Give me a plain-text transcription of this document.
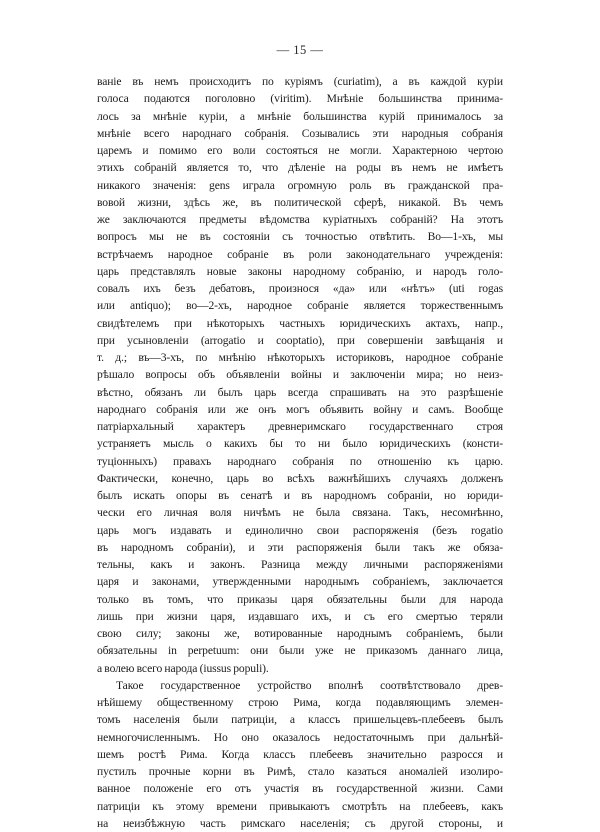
— 15 —
ваніе въ немъ происходитъ по куріямъ (curiatim), а въ каждой куріи
голоса подаются поголовно (viritim). Мнѣніе большинства принима-
лось за мнѣніе куріи, а мнѣніе большинства курій принималось за
мнѣніе всего народнаго собранія. Созывались эти народныя собранія
царемъ и помимо его воли состояться не могли. Характерною чертою
этихъ собраній является то, что дѣленіе на роды въ немъ не имѣетъ
никакого значенія: gens играла огромную роль въ гражданской пра-
вовой жизни, здѣсь же, въ политической сферѣ, никакой. Въ чемъ
же заключаются предметы вѣдомства куріатныхъ собраній? На этотъ
вопросъ мы не въ состояніи съ точностью отвѣтить. Во—1-хъ, мы
встрѣчаемъ народное собраніе въ роли законодательнаго учрежденія:
царь представлялъ новые законы народному собранію, и народъ голо-
совалъ ихъ безъ дебатовъ, произнося «да» или «нѣтъ» (uti rogas
или antiquo); во—2-хъ, народное собраніе является торжественнымъ
свидѣтелемъ при нѣкоторыхъ частныхъ юридическихъ актахъ, напр.,
при усыновленіи (arrogatio и cooptatio), при совершеніи завѣщанія и
т. д.; въ—3-хъ, по мнѣнію нѣкоторыхъ историковъ, народное собраніе
рѣшало вопросы объ объявленіи войны и заключеніи мира; но неиз-
вѣстно, обязанъ ли былъ царь всегда спрашивать на это разрѣшеніе
народнаго собранія или же онъ могъ объявить войну и самъ. Вообще
патріархальный характеръ древнеримскаго государственнаго строя
устраняетъ мысль о какихъ бы то ни было юридическихъ (консти-
туціонныхъ) правахъ народнаго собранія по отношенію къ царю.
Фактически, конечно, царь во всѣхъ важнѣйшихъ случаяхъ долженъ
былъ искать опоры въ сенатѣ и въ народномъ собраніи, но юриди-
чески его личная воля ничѣмъ не была связана. Такъ, несомнѣнно,
царь могъ издавать и единолично свои распоряженія (безъ rogatio
въ народномъ собраніи), и эти распоряженія были такъ же обяза-
тельны, какъ и законъ. Разница между личными распоряженіями
царя и законами, утвержденными народнымъ собраніемъ, заключается
только въ томъ, что приказы царя обязательны были для народа
лишь при жизни царя, издавшаго ихъ, и съ его смертью теряли
свою силу; законы же, вотированные народнымъ собраніемъ, были
обязательны in perpetuum: они были уже не приказомъ даннаго лица,
а волею всего народа (iussus populi).
Такое государственное устройство вполнѣ соотвѣтствовало древ-
нѣйшему общественному строю Рима, когда подавляющимъ элемен-
томъ населенія были патриціи, а классъ пришельцевъ-плебеевъ былъ
немногочисленнымъ. Но оно оказалось недостаточнымъ при дальнѣй-
шемъ ростѣ Рима. Когда классъ плебеевъ значительно разросся и
пустилъ прочные корни въ Римѣ, стало казаться аномаліей изолиро-
ванное положеніе его отъ участія въ государственной жизни. Сами
патриціи къ этому времени привыкаютъ смотрѣть на плебеевъ, какъ
на неизбѣжную часть римскаго населенія; съ другой стороны, и
